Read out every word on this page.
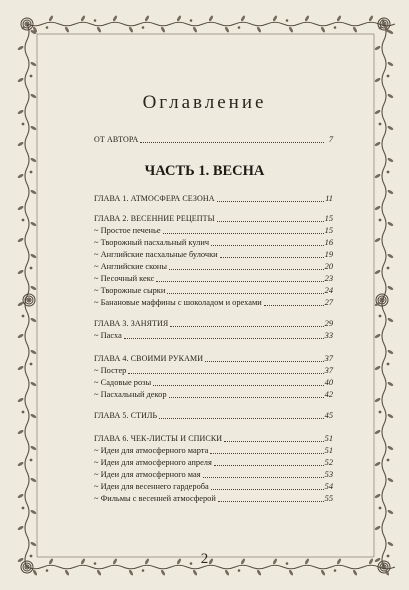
Оглавление
ОТ АВТОРА	7
ЧАСТЬ 1. ВЕСНА
ГЛАВА 1. АТМОСФЕРА СЕЗОНА	11
ГЛАВА 2. ВЕСЕННИЕ РЕЦЕПТЫ	15
~ Простое печенье	15
~ Творожный пасхальный кулич	16
~ Английские пасхальные булочки	19
~ Английские сконы	20
~ Песочный кекс	23
~ Творожные сырки	24
~ Банановые маффины с шоколадом и орехами	27
ГЛАВА 3. ЗАНЯТИЯ	29
~ Пасха	33
ГЛАВА 4. СВОИМИ РУКАМИ	37
~ Постер	37
~ Садовые розы	40
~ Пасхальный декор	42
ГЛАВА 5. СТИЛЬ	45
ГЛАВА 6. ЧЕК-ЛИСТЫ И СПИСКИ	51
~ Идеи для атмосферного марта	51
~ Идеи для атмосферного апреля	52
~ Идеи для атмосферного мая	53
~ Идеи для весеннего гардероба	54
~ Фильмы с весенней атмосферой	55
2
